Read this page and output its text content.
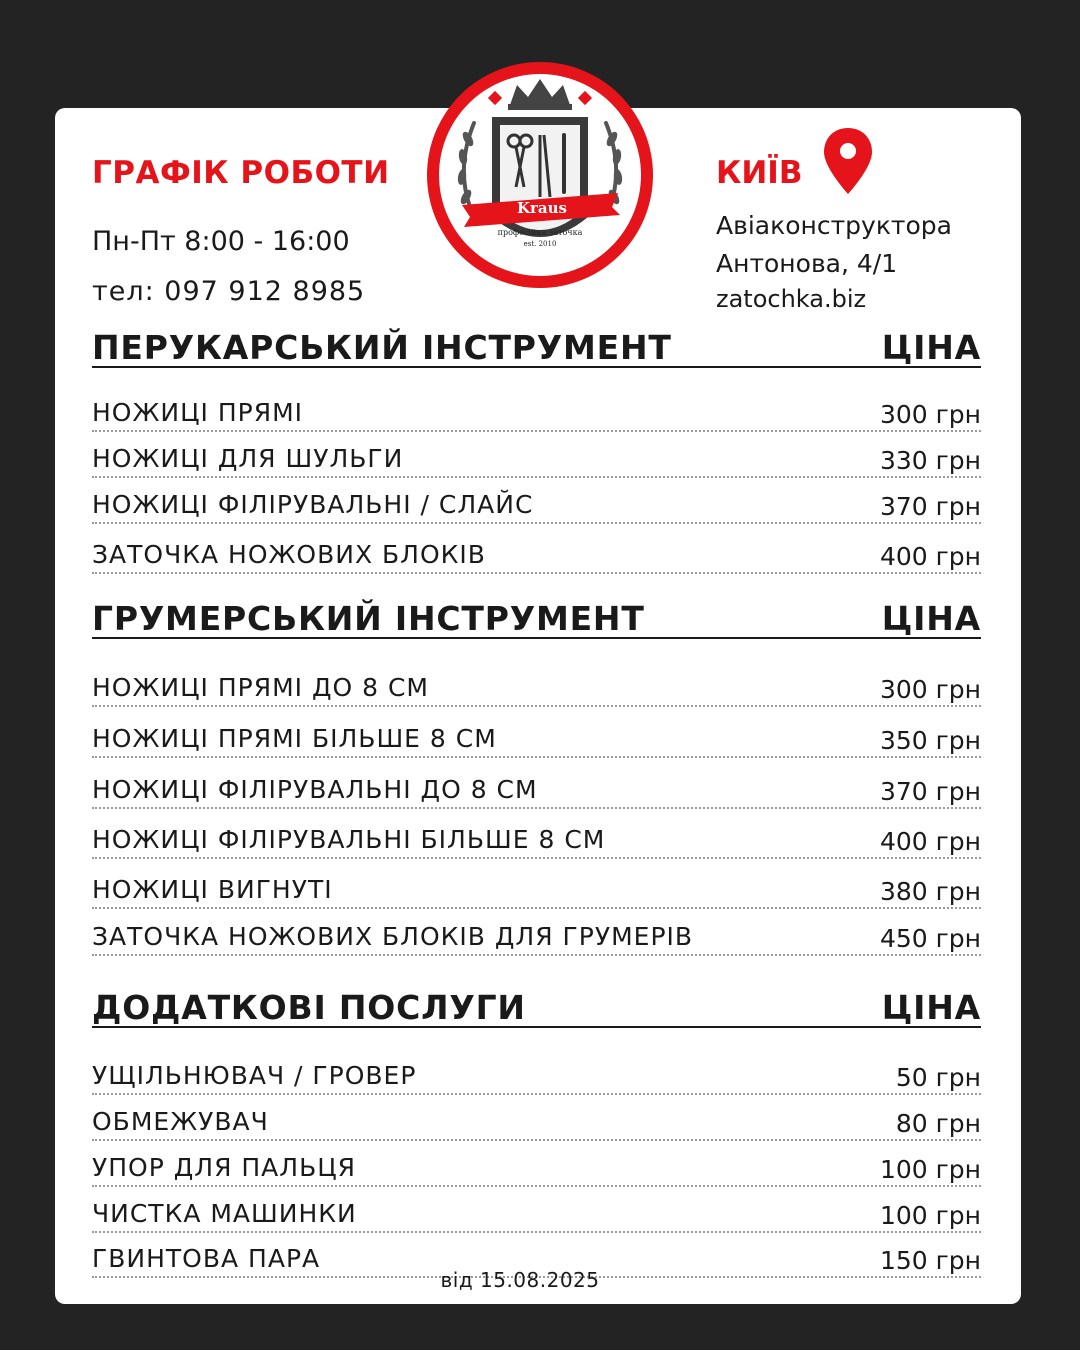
Kraus
професійна заточка
est. 2010
ГРАФІК РОБОТИ

Пн-Пт 8:00 - 16:00

тел: 097 912 8985

КИЇВ

Авіаконструктора
Антонова, 4/1

zatochka.biz

ПЕРУКАРСЬКИЙ ІНСТРУМЕНТ	ЦІНА
НОЖИЦІ ПРЯМІ	300 грн
НОЖИЦІ ДЛЯ ШУЛЬГИ	330 грн
НОЖИЦІ ФІЛІРУВАЛЬНІ / СЛАЙС	370 грн
ЗАТОЧКА НОЖОВИХ БЛОКІВ	400 грн
ГРУМЕРСЬКИЙ ІНСТРУМЕНТ	ЦІНА
НОЖИЦІ ПРЯМІ ДО 8 СМ	300 грн
НОЖИЦІ ПРЯМІ БІЛЬШЕ 8 СМ	350 грн
НОЖИЦІ ФІЛІРУВАЛЬНІ ДО 8 СМ	370 грн
НОЖИЦІ ФІЛІРУВАЛЬНІ БІЛЬШЕ 8 СМ	400 грн
НОЖИЦІ ВИГНУТІ	380 грн
ЗАТОЧКА НОЖОВИХ БЛОКІВ ДЛЯ ГРУМЕРІВ	450 грн
ДОДАТКОВІ ПОСЛУГИ	ЦІНА
УЩІЛЬНЮВАЧ / ГРОВЕР	50 грн
ОБМЕЖУВАЧ	80 грн
УПОР ДЛЯ ПАЛЬЦЯ	100 грн
ЧИСТКА МАШИНКИ	100 грн
ГВИНТОВА ПАРА	150 грн
від 15.08.2025
